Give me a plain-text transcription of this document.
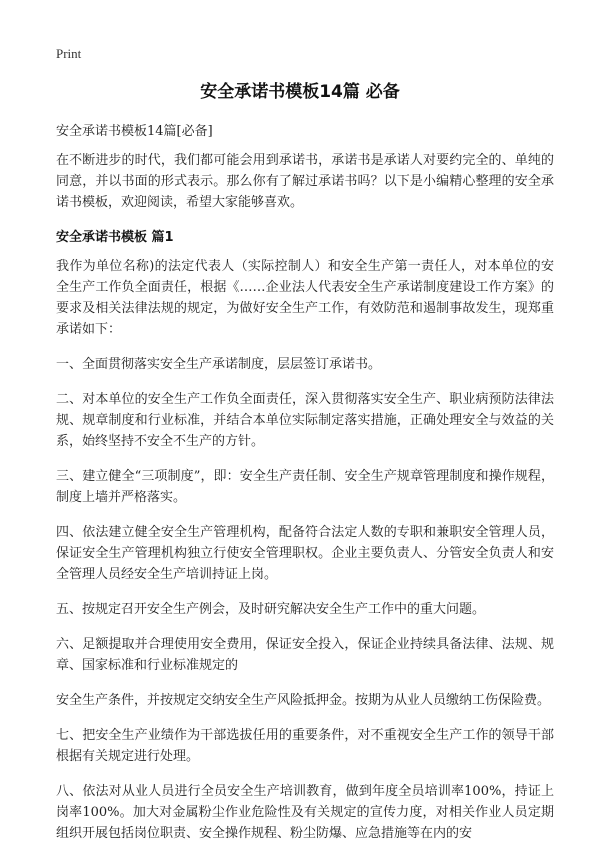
Print
安全承诺书模板14篇 必备

安全承诺书模板14篇[必备]

在不断进步的时代，我们都可能会用到承诺书，承诺书是承诺人对要约完全的、单纯的同意，并以书面的形式表示。那么你有了解过承诺书吗？以下是小编精心整理的安全承诺书模板，欢迎阅读，希望大家能够喜欢。

安全承诺书模板 篇1

我作为单位名称)的法定代表人（实际控制人）和安全生产第一责任人，对本单位的安全生产工作负全面责任，根据《……企业法人代表安全生产承诺制度建设工作方案》的要求及相关法律法规的规定，为做好安全生产工作，有效防范和遏制事故发生，现郑重承诺如下：

一、全面贯彻落实安全生产承诺制度，层层签订承诺书。

二、对本单位的安全生产工作负全面责任，深入贯彻落实安全生产、职业病预防法律法规、规章制度和行业标准，并结合本单位实际制定落实措施，正确处理安全与效益的关系，始终坚持不安全不生产的方针。

三、建立健全“三项制度”，即：安全生产责任制、安全生产规章管理制度和操作规程，制度上墙并严格落实。

四、依法建立健全安全生产管理机构，配备符合法定人数的专职和兼职安全管理人员，保证安全生产管理机构独立行使安全管理职权。企业主要负责人、分管安全负责人和安全管理人员经安全生产培训持证上岗。

五、按规定召开安全生产例会，及时研究解决安全生产工作中的重大问题。

六、足额提取并合理使用安全费用，保证安全投入，保证企业持续具备法律、法规、规章、国家标准和行业标准规定的

安全生产条件，并按规定交纳安全生产风险抵押金。按期为从业人员缴纳工伤保险费。

七、把安全生产业绩作为干部选拔任用的重要条件，对不重视安全生产工作的领导干部根据有关规定进行处理。

八、依法对从业人员进行全员安全生产培训教育，做到年度全员培训率100%，持证上岗率100%。加大对金属粉尘作业危险性及有关规定的宣传力度，对相关作业人员定期组织开展包括岗位职责、安全操作规程、粉尘防爆、应急措施等在内的安
